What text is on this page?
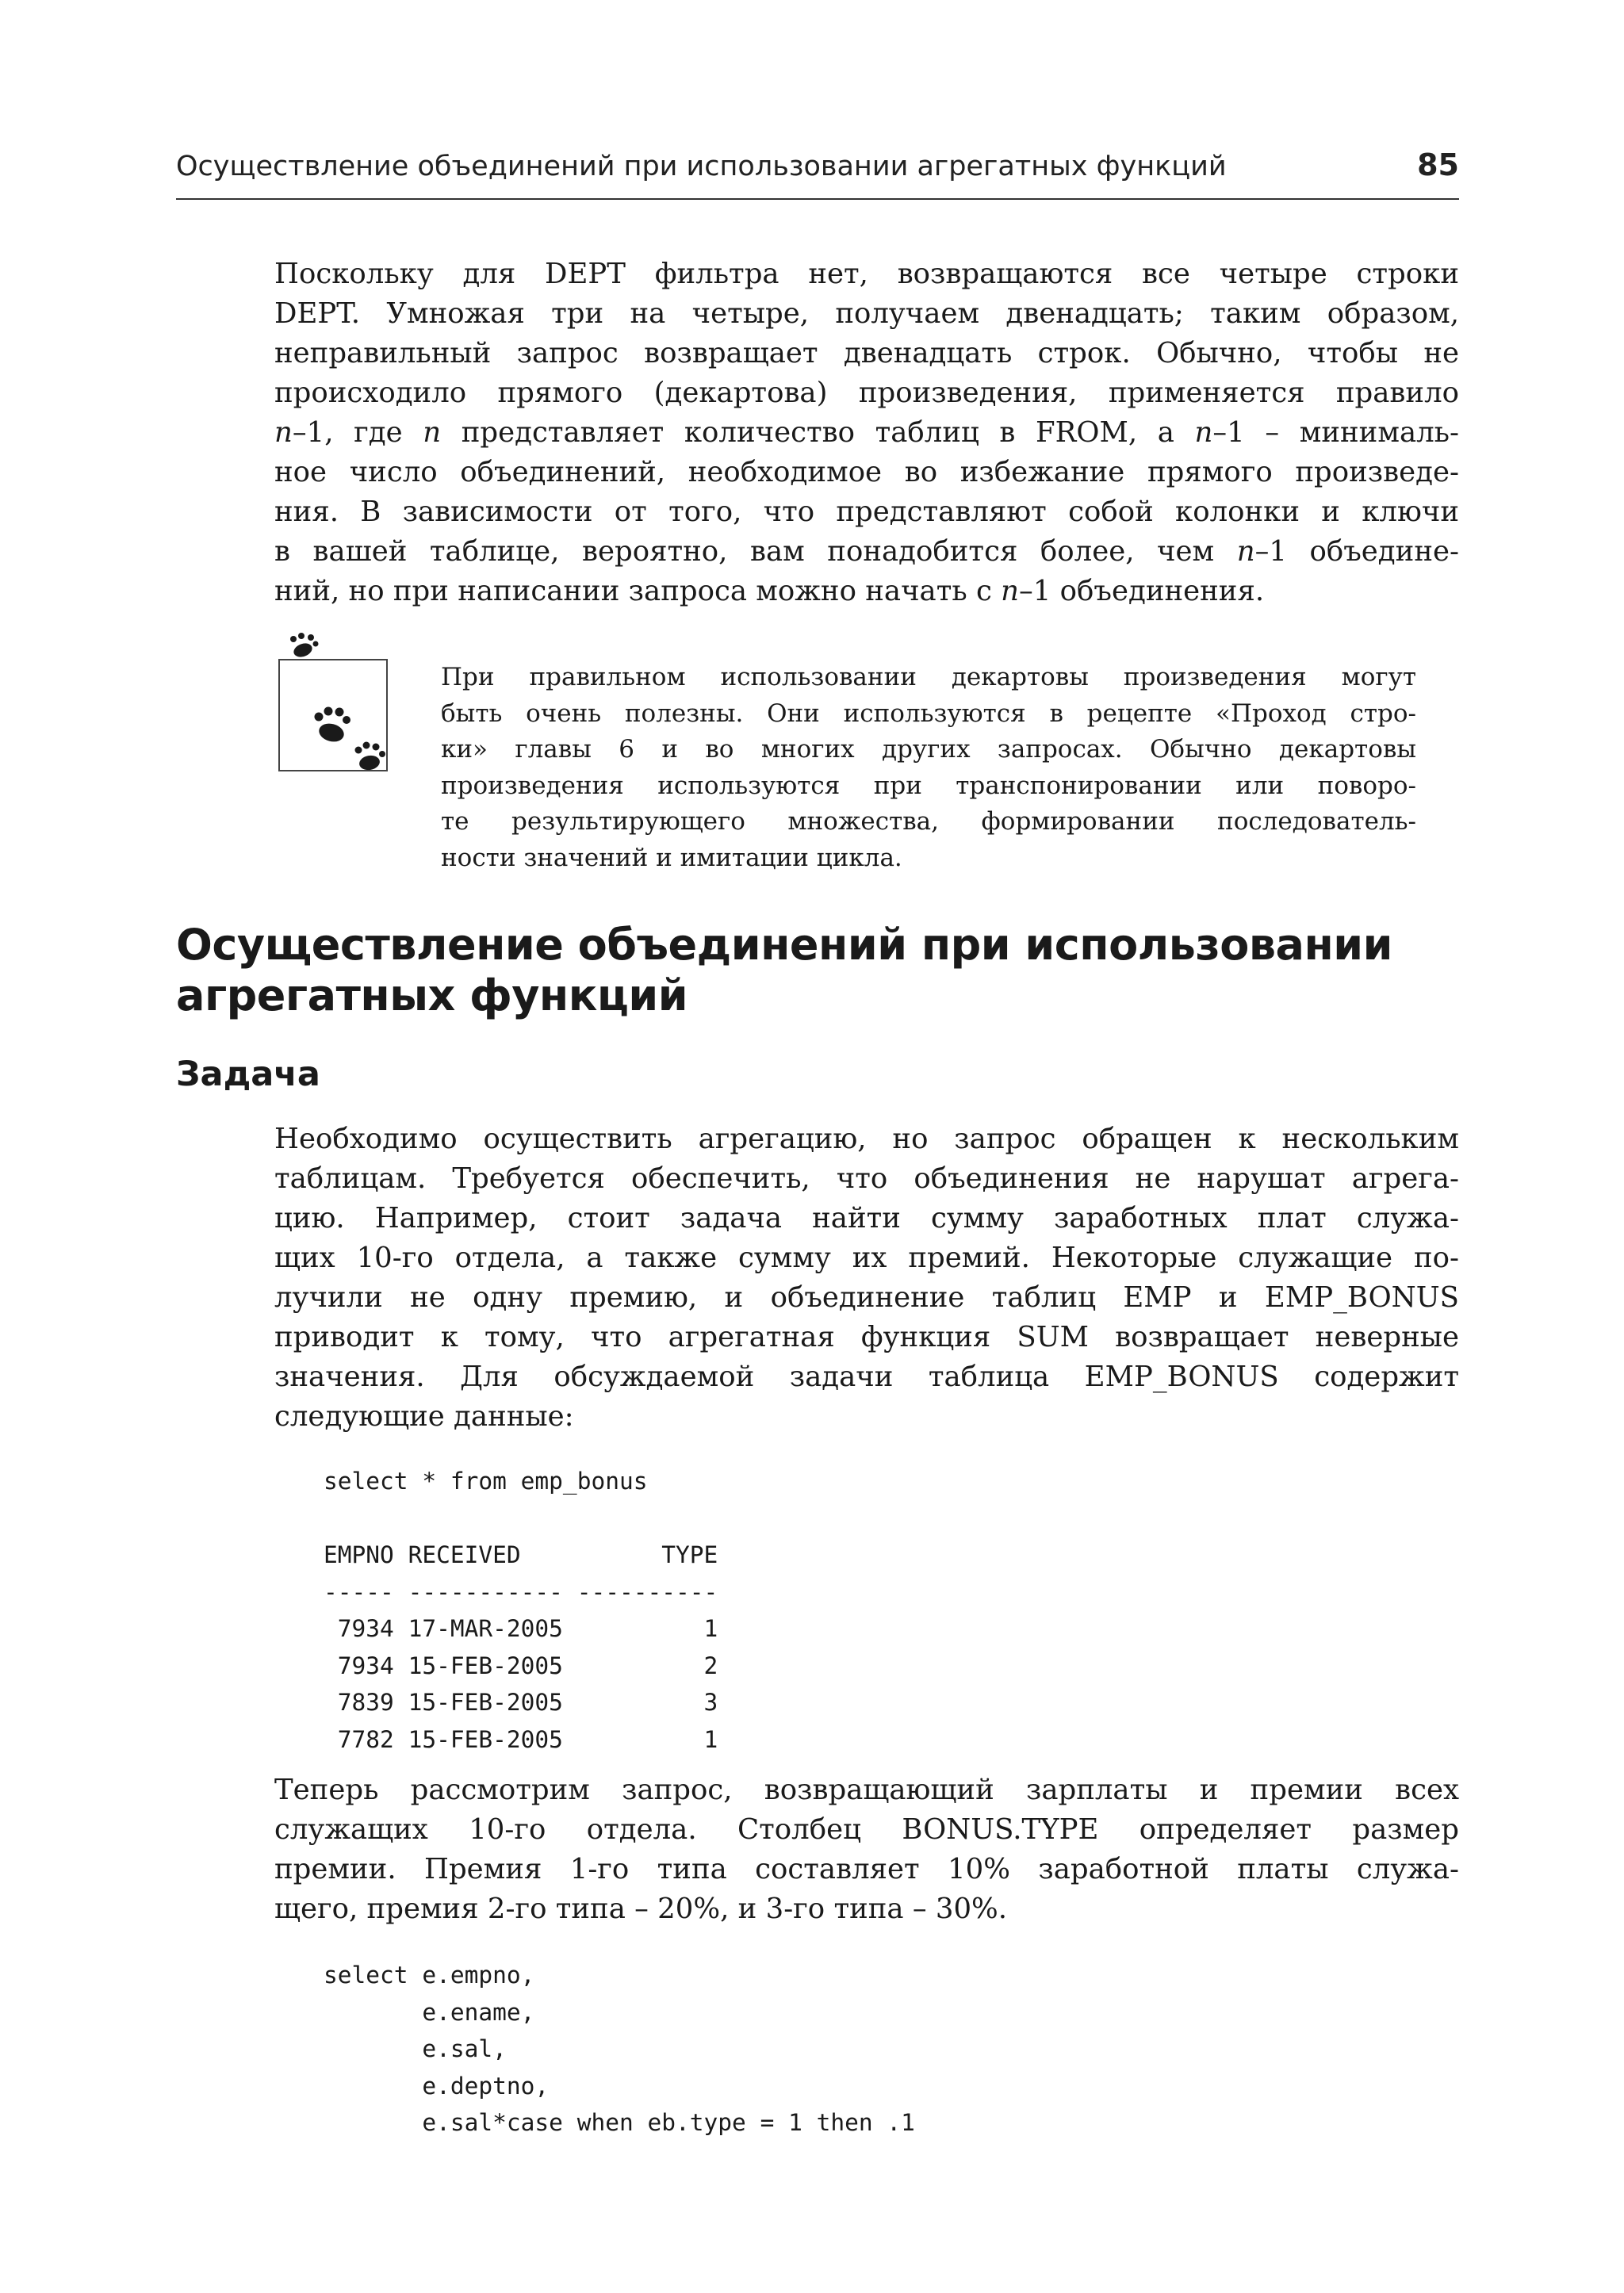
Осуществление объединений при использовании агрегатных функций	85
Поскольку для DEPT фильтра нет, возвращаются все четыре строки
DEPT. Умножая три на четыре, получаем двенадцать; таким образом,
неправильный запрос возвращает двенадцать строк. Обычно, чтобы не
происходило прямого (декартова) произведения, применяется правило
n–1, где n представляет количество таблиц в FROM, а n–1 – минималь-
ное число объединений, необходимое во избежание прямого произведе-
ния. В зависимости от того, что представляют собой колонки и ключи
в вашей таблице, вероятно, вам понадобится более, чем n–1 объедине-
ний, но при написании запроса можно начать с n–1 объединения.
При правильном использовании декартовы произведения могут
быть очень полезны. Они используются в рецепте «Проход стро-
ки» главы 6 и во многих других запросах. Обычно декартовы
произведения используются при транспонировании или поворо-
те результирующего множества, формировании последователь-
ности значений и имитации цикла.
Осуществление объединений при использовании агрегатных функций
Задача
Необходимо осуществить агрегацию, но запрос обращен к нескольким
таблицам. Требуется обеспечить, что объединения не нарушат агрега-
цию. Например, стоит задача найти сумму заработных плат служа-
щих 10-го отдела, а также сумму их премий. Некоторые служащие по-
лучили не одну премию, и объединение таблиц EMP и EMP_BONUS
приводит к тому, что агрегатная функция SUM возвращает неверные
значения. Для обсуждаемой задачи таблица EMP_BONUS содержит
следующие данные:
select * from emp_bonus

EMPNO RECEIVED          TYPE
----- ----------- ----------
7934 17-MAR-2005          1
7934 15-FEB-2005          2
7839 15-FEB-2005          3
7782 15-FEB-2005          1
Теперь рассмотрим запрос, возвращающий зарплаты и премии всех
служащих 10-го отдела. Столбец BONUS.TYPE определяет размер
премии. Премия 1-го типа составляет 10% заработной платы служа-
щего, премия 2-го типа – 20%, и 3-го типа – 30%.
select e.empno,
e.ename,
e.sal,
e.deptno,
e.sal*case when eb.type = 1 then .1
